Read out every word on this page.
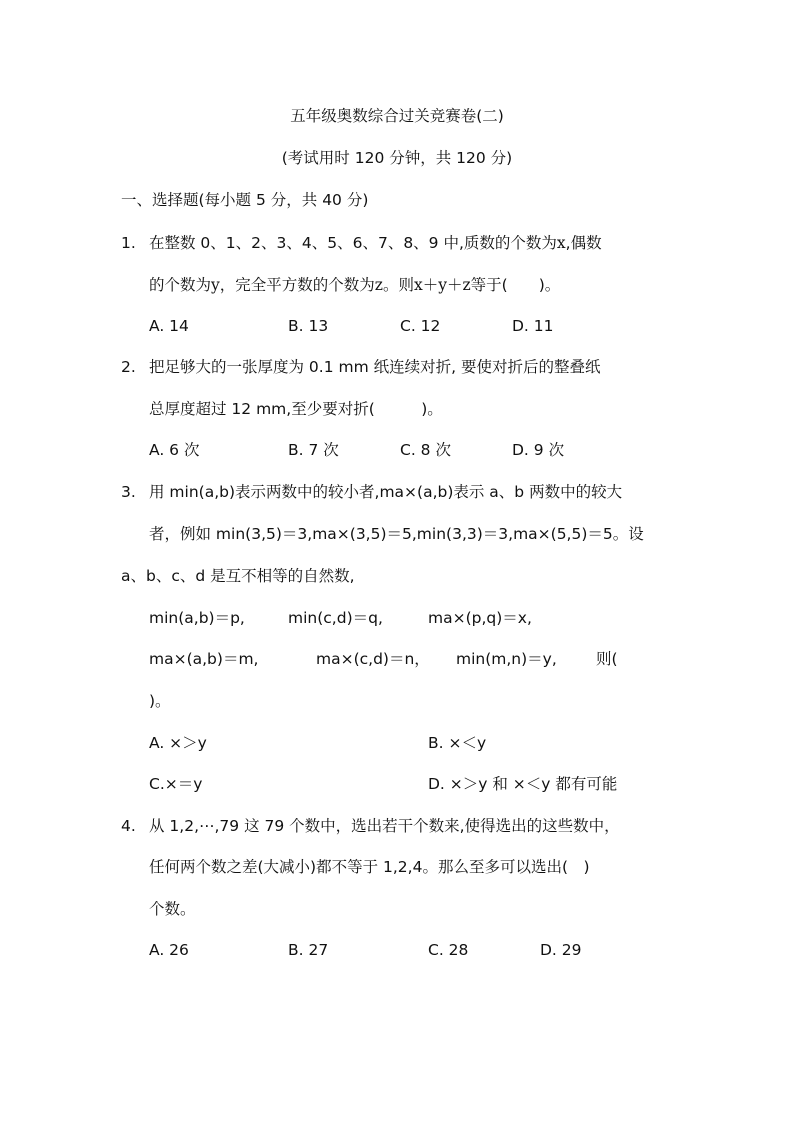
五年级奥数综合过关竞赛卷(二)
(考试用时 120 分钟，共 120 分)
一、选择题(每小题 5 分，共 40 分)
1. 在整数 0、1、2、3、4、5、6、7、8、9 中,质数的个数为x,偶数
的个数为y，完全平方数的个数为z。则x＋y＋z等于(　　)。
A. 14	B. 13	C. 12	D. 11
2. 把足够大的一张厚度为 0.1 mm 纸连续对折, 要使对折后的整叠纸
总厚度超过 12 mm,至少要对折(　　　)。
A. 6 次	B. 7 次	C. 8 次	D. 9 次
3. 用 min(a,b)表示两数中的较小者,ma×(a,b)表示 a、b 两数中的较大
者，例如 min(3,5)＝3,ma×(3,5)＝5,min(3,3)＝3,ma×(5,5)＝5。设
a、b、c、d 是互不相等的自然数,
min(a,b)＝p,	min(c,d)＝q,	ma×(p,q)＝x,
ma×(a,b)＝m,	ma×(c,d)＝n， min(m,n)＝y,	则(
)。
A. ×＞y	B. ×＜y
C.×＝y	D. ×＞y 和 ×＜y 都有可能
4. 从 1,2,⋯,79 这 79 个数中，选出若干个数来,使得选出的这些数中，
任何两个数之差(大减小)都不等于 1,2,4。那么至多可以选出(　)
个数。
A. 26	B. 27	C. 28	D. 29
